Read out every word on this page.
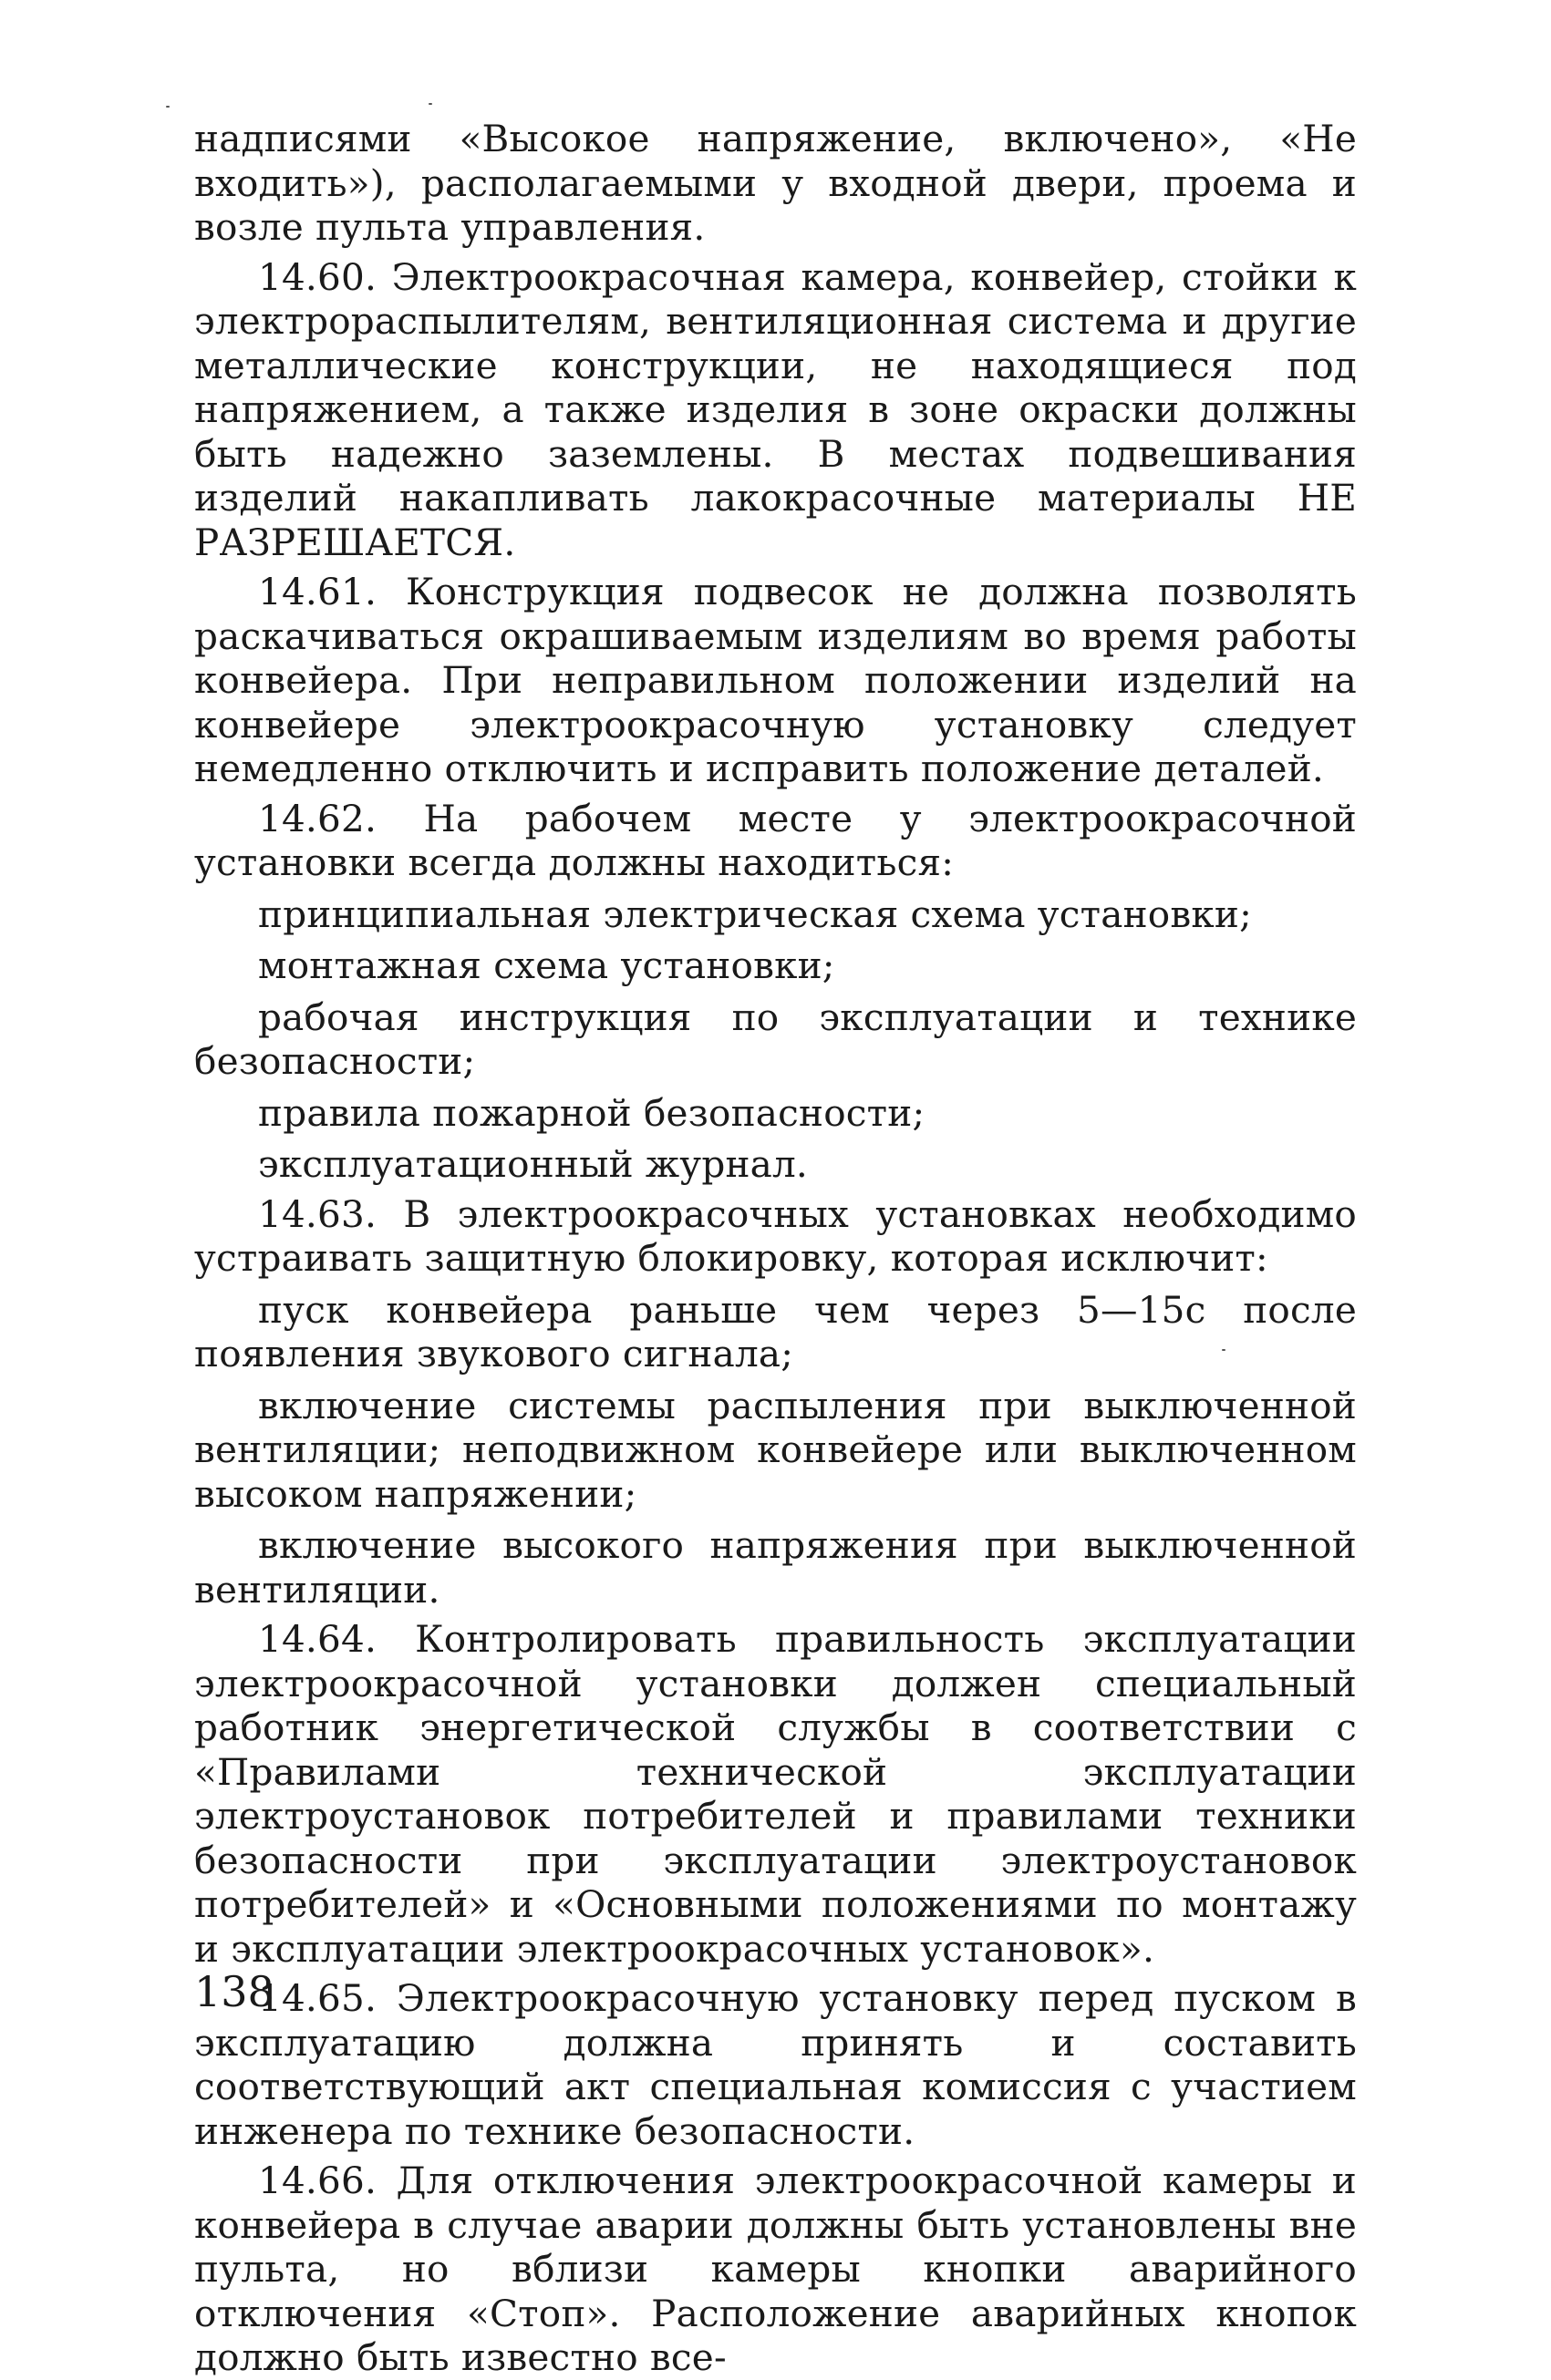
надписями «Высокое напряжение, включено», «Не входить»), располагаемыми у входной двери, проема и возле пульта управления.

14.60. Электроокрасочная камера, конвейер, стойки к электрораспылителям, вентиляционная система и другие металлические конструкции, не находящиеся под напряжением, а также изделия в зоне окраски должны быть надежно заземлены. В местах подвешивания изделий накапливать лакокрасочные материалы НЕ РАЗРЕШАЕТСЯ.

14.61. Конструкция подвесок не должна позволять раскачиваться окрашиваемым изделиям во время работы конвейера. При неправильном положении изделий на конвейере электроокрасочную установку следует немедленно отключить и исправить положение деталей.

14.62. На рабочем месте у электроокрасочной установки всегда должны находиться:

принципиальная электрическая схема установки;

монтажная схема установки;

рабочая инструкция по эксплуатации и технике безопасности;

правила пожарной безопасности;

эксплуатационный журнал.

14.63. В электроокрасочных установках необходимо устраивать защитную блокировку, которая исключит:

пуск конвейера раньше чем через 5—15с после появления звукового сигнала;

включение системы распыления при выключенной вентиляции; неподвижном конвейере или выключенном высоком напряжении;

включение высокого напряжения при выключенной вентиляции.

14.64. Контролировать правильность эксплуатации электроокрасочной установки должен специальный работник энергетической службы в соответствии с «Правилами технической эксплуатации электроустановок потребителей и правилами техники безопасности при эксплуатации электроустановок потребителей» и «Основными положениями по монтажу и эксплуатации электроокрасочных установок».

14.65. Электроокрасочную установку перед пуском в эксплуатацию должна принять и составить соответствующий акт специальная комиссия с участием инженера по технике безопасности.

14.66. Для отключения электроокрасочной камеры и конвейера в случае аварии должны быть установлены вне пульта, но вблизи камеры кнопки аварийного отключения «Стоп». Расположение аварийных кнопок должно быть известно все-

138
